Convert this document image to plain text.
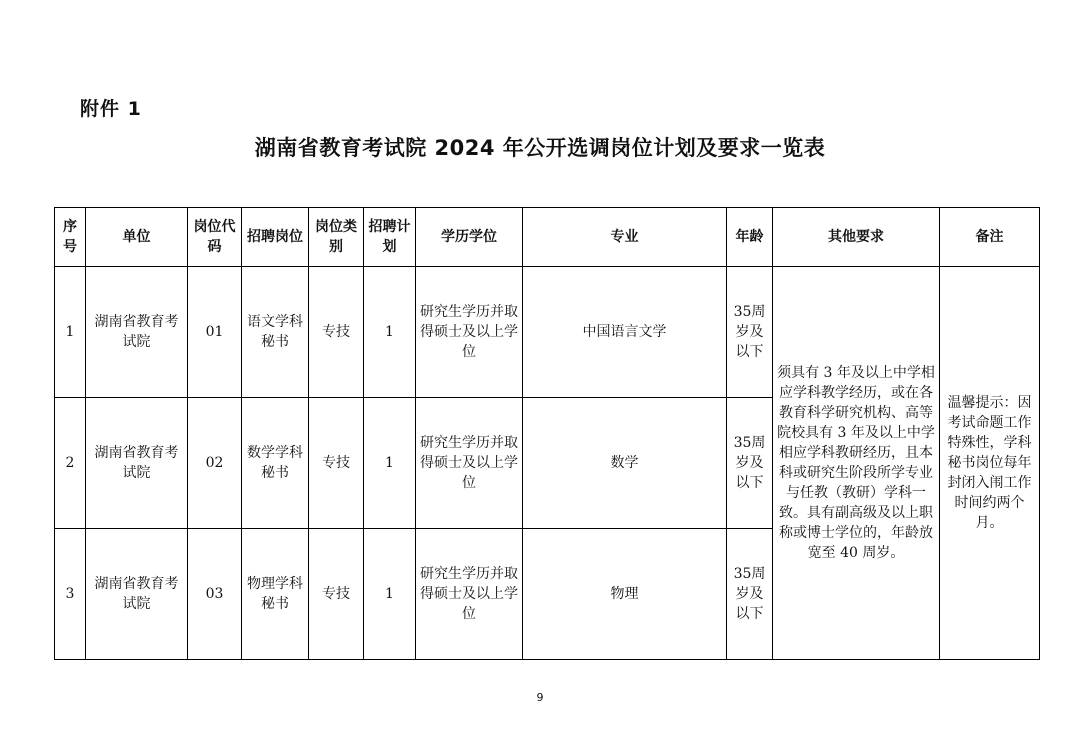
附件 1
湖南省教育考试院 2024 年公开选调岗位计划及要求一览表
序号	单位	岗位代码	招聘岗位	岗位类别	招聘计划	学历学位	专业	年龄	其他要求	备注
1	湖南省教育考试院	01	语文学科秘书	专技	1	研究生学历并取得硕士及以上学位	中国语言文学	35周岁及以下	须具有 3 年及以上中学相应学科教学经历，或在各教育科学研究机构、高等院校具有 3 年及以上中学相应学科教研经历，且本科或研究生阶段所学专业与任教（教研）学科一致。具有副高级及以上职称或博士学位的，年龄放宽至 40 周岁。	温馨提示：因考试命题工作特殊性，学科秘书岗位每年封闭入闱工作时间约两个月。
2	湖南省教育考试院	02	数学学科秘书	专技	1	研究生学历并取得硕士及以上学位	数学	35周岁及以下		
3	湖南省教育考试院	03	物理学科秘书	专技	1	研究生学历并取得硕士及以上学位	物理	35周岁及以下		
9
